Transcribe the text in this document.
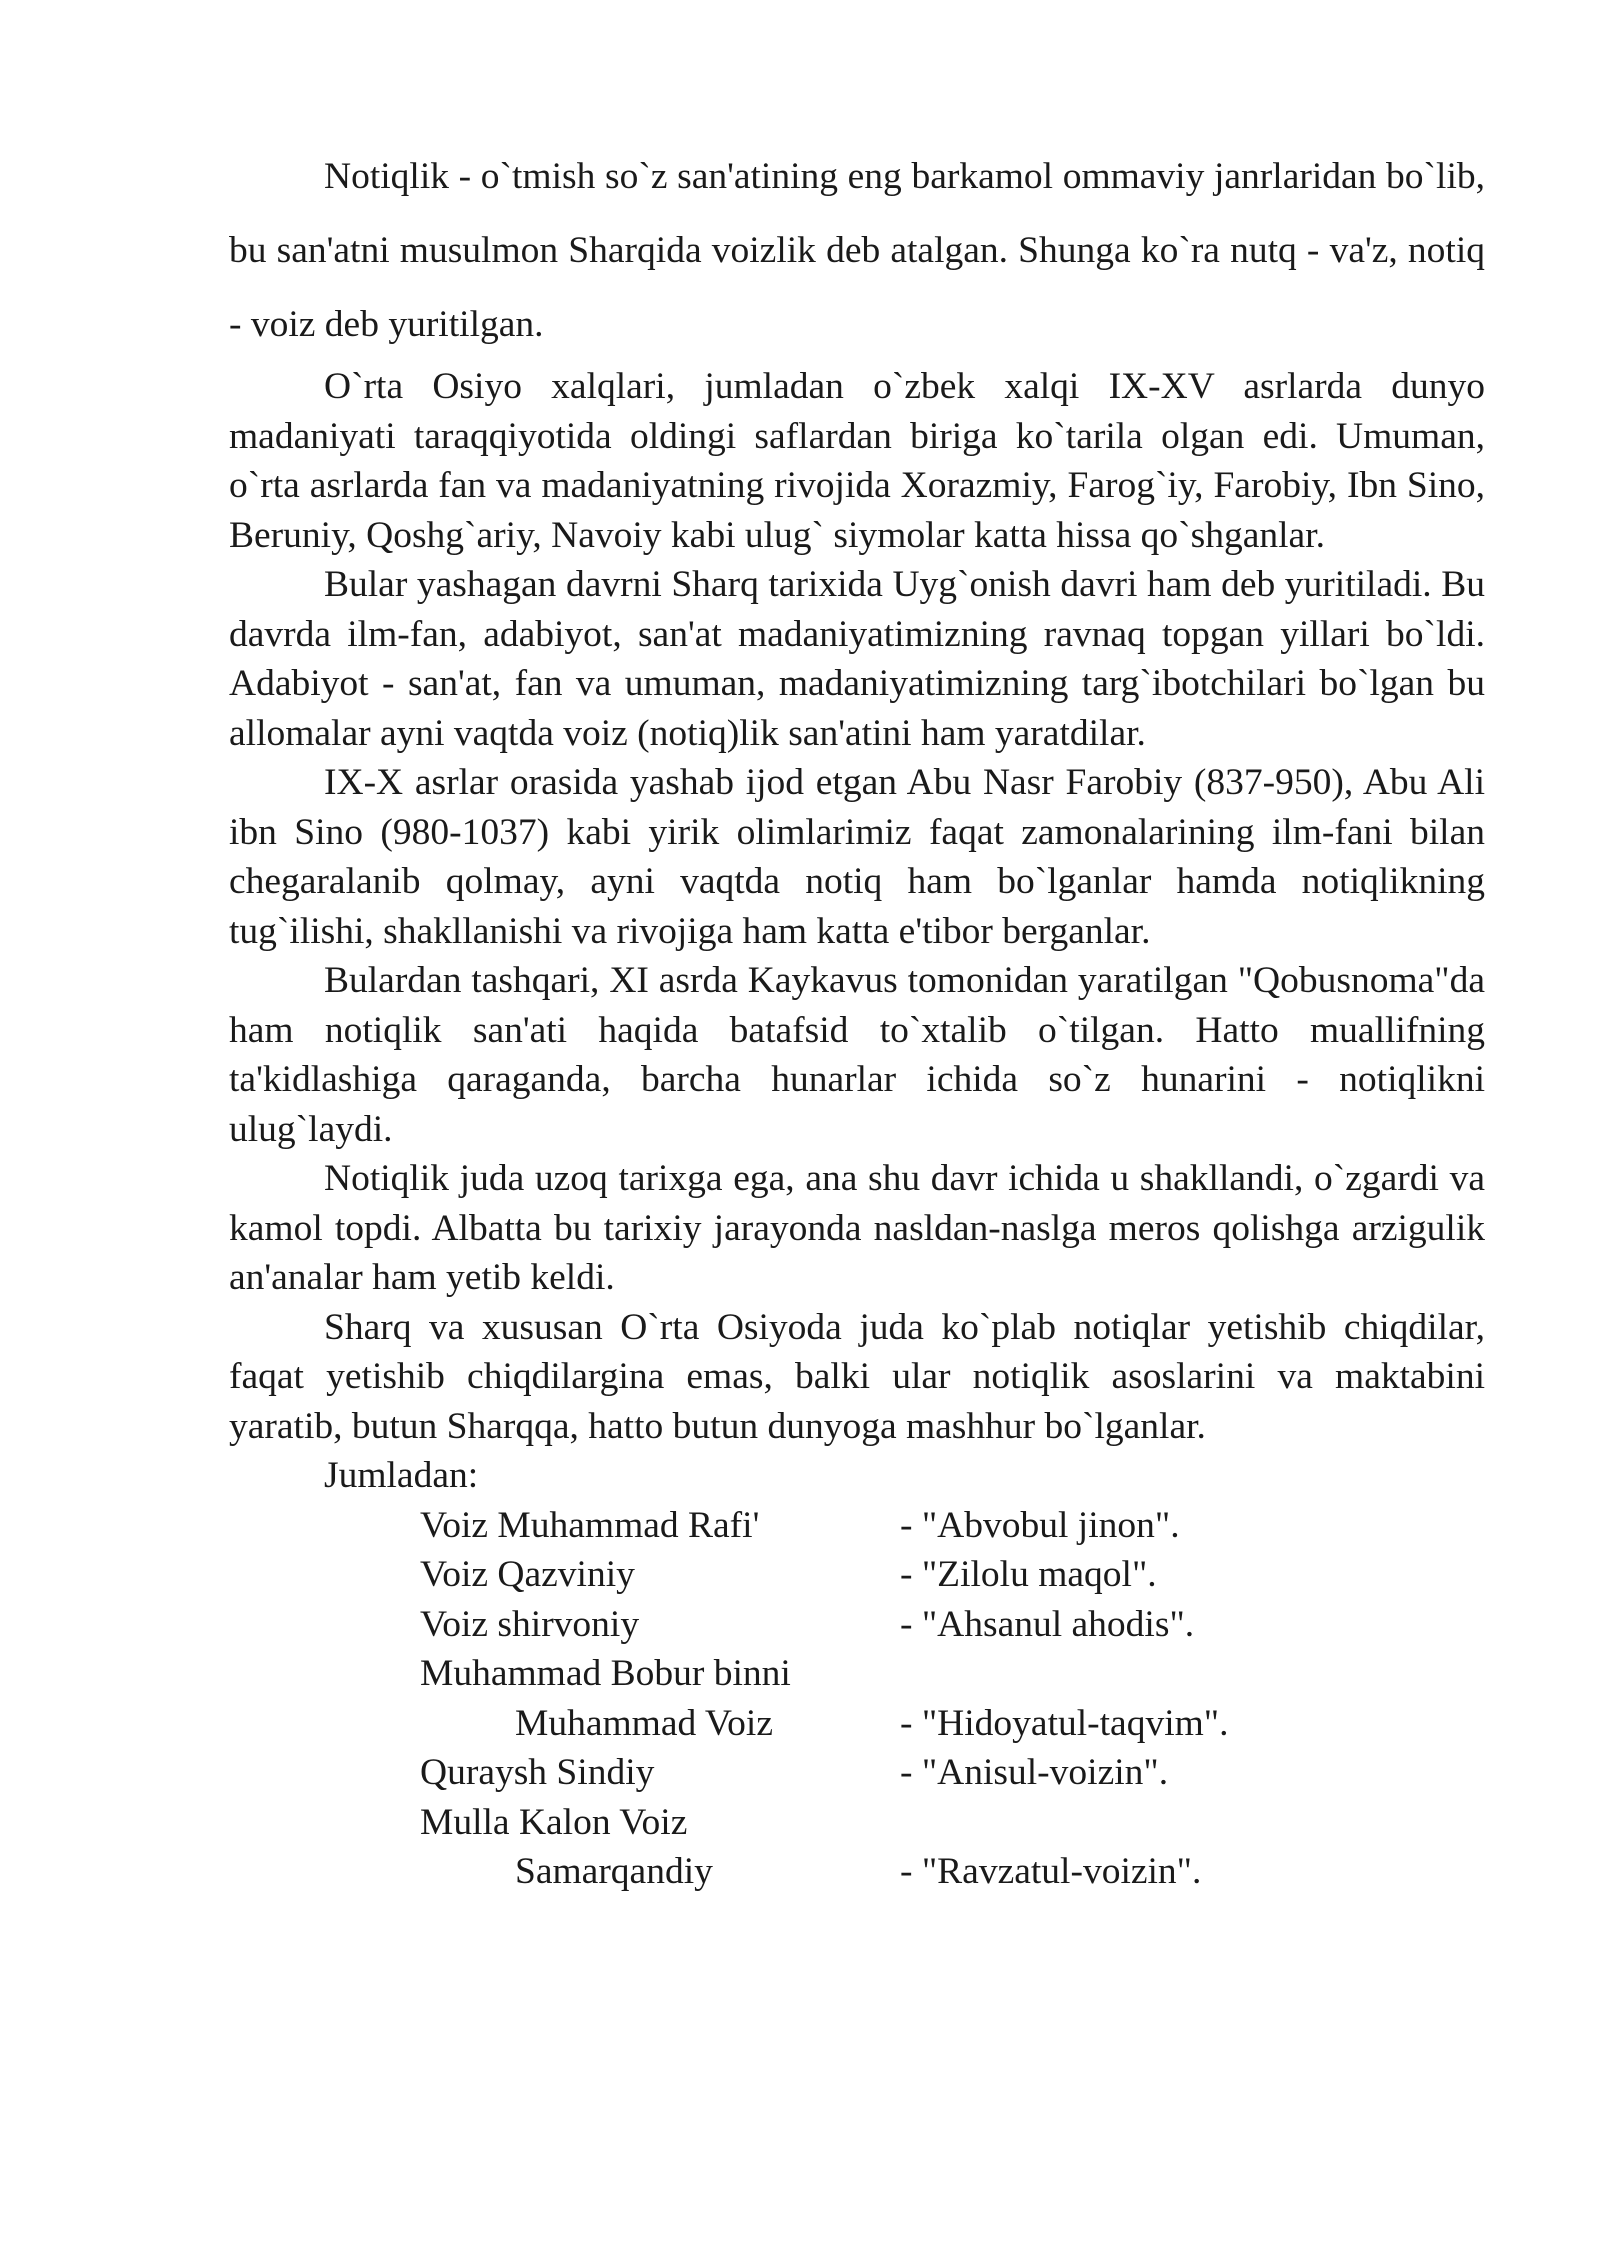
Notiqlik - o`tmish so`z san'atining eng barkamol ommaviy janrlaridan bo`lib, bu san'atni musulmon Sharqida voizlik deb atalgan. Shunga ko`ra nutq - va'z, notiq - voiz deb yuritilgan.

O`rta Osiyo xalqlari, jumladan o`zbek xalqi IX-XV asrlarda dunyo madaniyati taraqqiyotida oldingi saflardan biriga ko`tarila olgan edi. Umuman, o`rta asrlarda fan va madaniyatning rivojida Xorazmiy, Farog`iy, Farobiy, Ibn Sino, Beruniy, Qoshg`ariy, Navoiy kabi ulug` siymolar katta hissa qo`shganlar.

Bular yashagan davrni Sharq tarixida Uyg`onish davri ham deb yuritiladi. Bu davrda ilm-fan, adabiyot, san'at madaniyatimizning ravnaq topgan yillari bo`ldi. Adabiyot - san'at, fan va umuman, madaniyatimizning targ`ibotchilari bo`lgan bu allomalar ayni vaqtda voiz (notiq)lik san'atini ham yaratdilar.

IX-X asrlar orasida yashab ijod etgan Abu Nasr Farobiy (837-950), Abu Ali ibn Sino (980-1037) kabi yirik olimlarimiz faqat zamonalarining ilm-fani bilan chegaralanib qolmay, ayni vaqtda notiq ham bo`lganlar hamda notiqlikning tug`ilishi, shakllanishi va rivojiga ham katta e'tibor berganlar.

Bulardan tashqari, XI asrda Kaykavus tomonidan yaratilgan "Qobusnoma"da ham notiqlik san'ati haqida batafsid to`xtalib o`tilgan. Hatto muallifning ta'kidlashiga qaraganda, barcha hunarlar ichida so`z hunarini - notiqlikni ulug`laydi.

Notiqlik juda uzoq tarixga ega, ana shu davr ichida u shakllandi, o`zgardi va kamol topdi. Albatta bu tarixiy jarayonda nasldan-naslga meros qolishga arzigulik an'analar ham yetib keldi.

Sharq va xususan O`rta Osiyoda juda ko`plab notiqlar yetishib chiqdilar, faqat yetishib chiqdilargina emas, balki ular notiqlik asoslarini va maktabini yaratib, butun Sharqqa, hatto butun dunyoga mashhur bo`lganlar.

Jumladan:

Voiz Muhammad Rafi'	- "Abvobul jinon".
Voiz Qazviniy	- "Zilolu maqol".
Voiz shirvoniy	- "Ahsanul ahodis".
Muhammad Bobur binni
Muhammad Voiz	- "Hidoyatul-taqvim".
Quraysh Sindiy	- "Anisul-voizin".
Mulla Kalon Voiz
Samarqandiy	- "Ravzatul-voizin".
